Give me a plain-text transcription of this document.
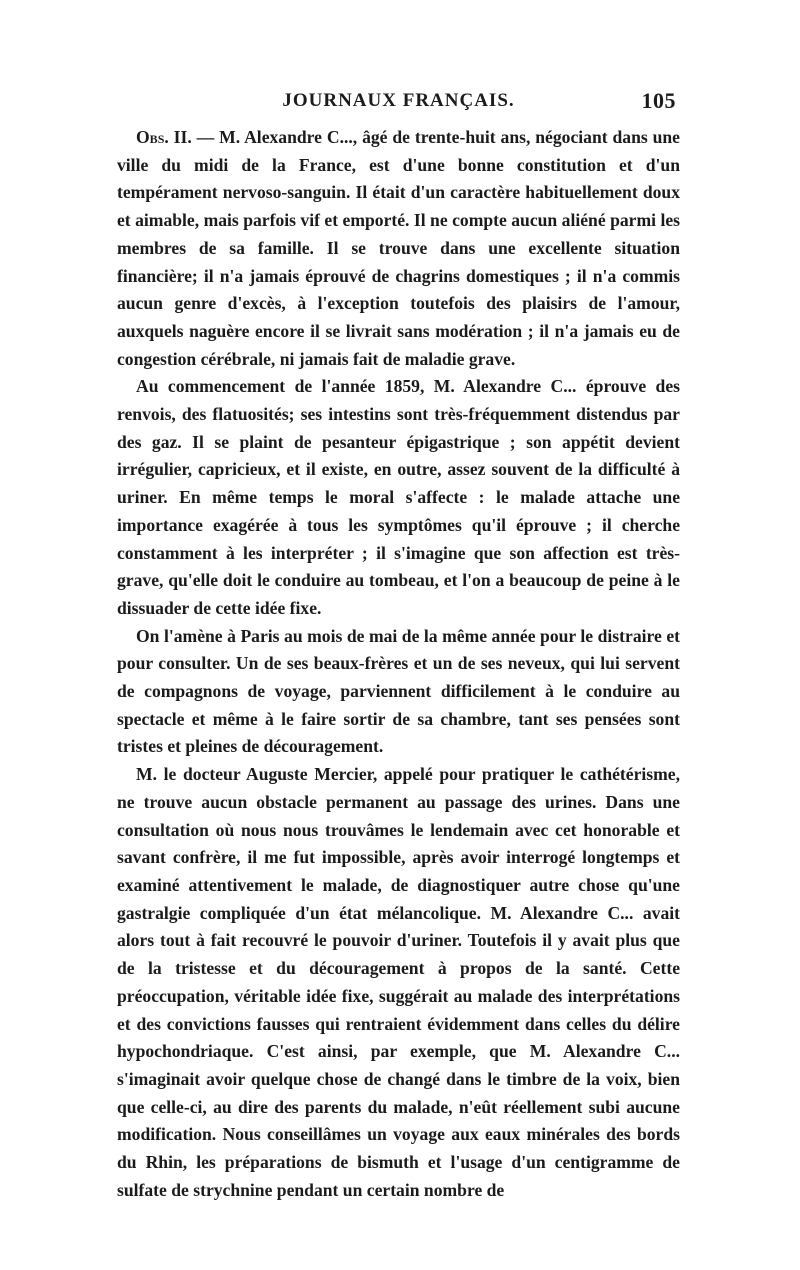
JOURNAUX FRANÇAIS.	105

Obs. II. — M. Alexandre C..., âgé de trente-huit ans, négociant dans une ville du midi de la France, est d'une bonne constitution et d'un tempérament nervoso-sanguin. Il était d'un caractère habituellement doux et aimable, mais parfois vif et emporté. Il ne compte aucun aliéné parmi les membres de sa famille. Il se trouve dans une excellente situation financière; il n'a jamais éprouvé de chagrins domestiques ; il n'a commis aucun genre d'excès, à l'exception toutefois des plaisirs de l'amour, auxquels naguère encore il se livrait sans modération ; il n'a jamais eu de congestion cérébrale, ni jamais fait de maladie grave.

Au commencement de l'année 1859, M. Alexandre C... éprouve des renvois, des flatuosités; ses intestins sont très-fréquemment distendus par des gaz. Il se plaint de pesanteur épigastrique ; son appétit devient irrégulier, capricieux, et il existe, en outre, assez souvent de la difficulté à uriner. En même temps le moral s'affecte : le malade attache une importance exagérée à tous les symptômes qu'il éprouve ; il cherche constamment à les interpréter ; il s'imagine que son affection est très-grave, qu'elle doit le conduire au tombeau, et l'on a beaucoup de peine à le dissuader de cette idée fixe.

On l'amène à Paris au mois de mai de la même année pour le distraire et pour consulter. Un de ses beaux-frères et un de ses neveux, qui lui servent de compagnons de voyage, parviennent difficilement à le conduire au spectacle et même à le faire sortir de sa chambre, tant ses pensées sont tristes et pleines de découragement.

M. le docteur Auguste Mercier, appelé pour pratiquer le cathétérisme, ne trouve aucun obstacle permanent au passage des urines. Dans une consultation où nous nous trouvâmes le lendemain avec cet honorable et savant confrère, il me fut impossible, après avoir interrogé longtemps et examiné attentivement le malade, de diagnostiquer autre chose qu'une gastralgie compliquée d'un état mélancolique. M. Alexandre C... avait alors tout à fait recouvré le pouvoir d'uriner. Toutefois il y avait plus que de la tristesse et du découragement à propos de la santé. Cette préoccupation, véritable idée fixe, suggérait au malade des interprétations et des convictions fausses qui rentraient évidemment dans celles du délire hypochondriaque. C'est ainsi, par exemple, que M. Alexandre C... s'imaginait avoir quelque chose de changé dans le timbre de la voix, bien que celle-ci, au dire des parents du malade, n'eût réellement subi aucune modification. Nous conseillâmes un voyage aux eaux minérales des bords du Rhin, les préparations de bismuth et l'usage d'un centigramme de sulfate de strychnine pendant un certain nombre de
